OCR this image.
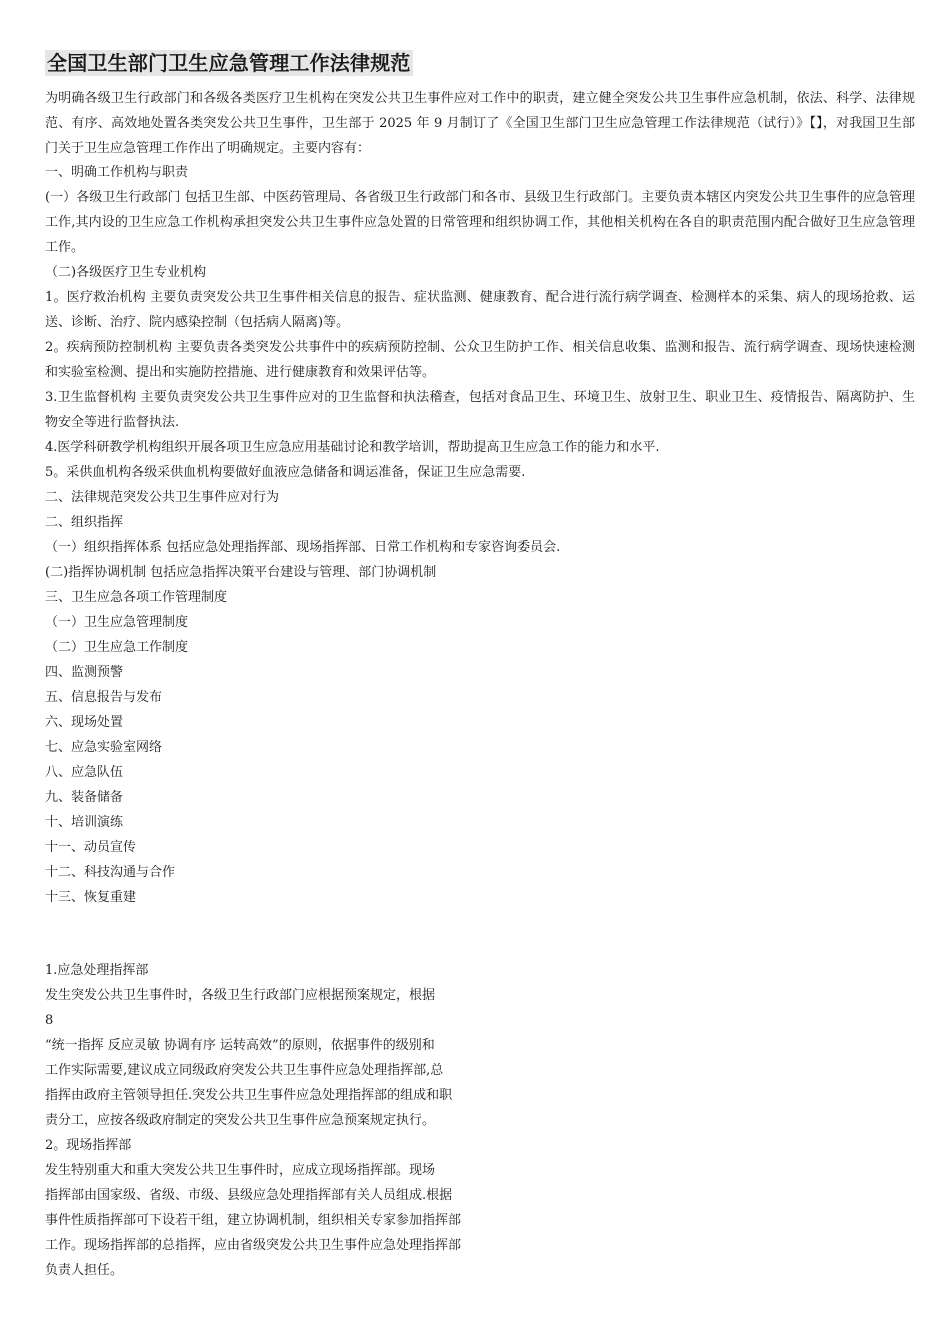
全国卫生部门卫生应急管理工作法律规范
为明确各级卫生行政部门和各级各类医疗卫生机构在突发公共卫生事件应对工作中的职责，建立健全突发公共卫生事件应急机制，依法、科学、法律规范、有序、高效地处置各类突发公共卫生事件，卫生部于 2025 年 9 月制订了《全国卫生部门卫生应急管理工作法律规范（试行）》【】，对我国卫生部门关于卫生应急管理工作作出了明确规定。主要内容有：
一、明确工作机构与职责
(一）各级卫生行政部门 包括卫生部、中医药管理局、各省级卫生行政部门和各市、县级卫生行政部门。主要负责本辖区内突发公共卫生事件的应急管理工作,其内设的卫生应急工作机构承担突发公共卫生事件应急处置的日常管理和组织协调工作，其他相关机构在各自的职责范围内配合做好卫生应急管理工作。
（二)各级医疗卫生专业机构
1。医疗救治机构 主要负责突发公共卫生事件相关信息的报告、症状监测、健康教育、配合进行流行病学调查、检测样本的采集、病人的现场抢救、运送、诊断、治疗、院内感染控制（包括病人隔离)等。
2。疾病预防控制机构 主要负责各类突发公共事件中的疾病预防控制、公众卫生防护工作、相关信息收集、监测和报告、流行病学调查、现场快速检测和实验室检测、提出和实施防控措施、进行健康教育和效果评估等。
3.卫生监督机构 主要负责突发公共卫生事件应对的卫生监督和执法稽查，包括对食品卫生、环境卫生、放射卫生、职业卫生、疫情报告、隔离防护、生物安全等进行监督执法.
4.医学科研教学机构组织开展各项卫生应急应用基础讨论和教学培训，帮助提高卫生应急工作的能力和水平.
5。采供血机构各级采供血机构要做好血液应急储备和调运准备，保证卫生应急需要.
二、法律规范突发公共卫生事件应对行为
二、组织指挥
（一）组织指挥体系 包括应急处理指挥部、现场指挥部、日常工作机构和专家咨询委员会.
(二)指挥协调机制 包括应急指挥决策平台建设与管理、部门协调机制
三、卫生应急各项工作管理制度
（一）卫生应急管理制度
（二）卫生应急工作制度
四、监测预警
五、信息报告与发布
六、现场处置
七、应急实验室网络
八、应急队伍
九、装备储备
十、培训演练
十一、动员宣传
十二、科技沟通与合作
十三、恢复重建
1.应急处理指挥部
发生突发公共卫生事件时，各级卫生行政部门应根据预案规定，根据
8
“统一指挥 反应灵敏 协调有序 运转高效”的原则，依据事件的级别和
工作实际需要,建议成立同级政府突发公共卫生事件应急处理指挥部,总
指挥由政府主管领导担任.突发公共卫生事件应急处理指挥部的组成和职
责分工，应按各级政府制定的突发公共卫生事件应急预案规定执行。
2。现场指挥部
发生特别重大和重大突发公共卫生事件时，应成立现场指挥部。现场
指挥部由国家级、省级、市级、县级应急处理指挥部有关人员组成.根据
事件性质指挥部可下设若干组，建立协调机制，组织相关专家参加指挥部
工作。现场指挥部的总指挥，应由省级突发公共卫生事件应急处理指挥部
负责人担任。
